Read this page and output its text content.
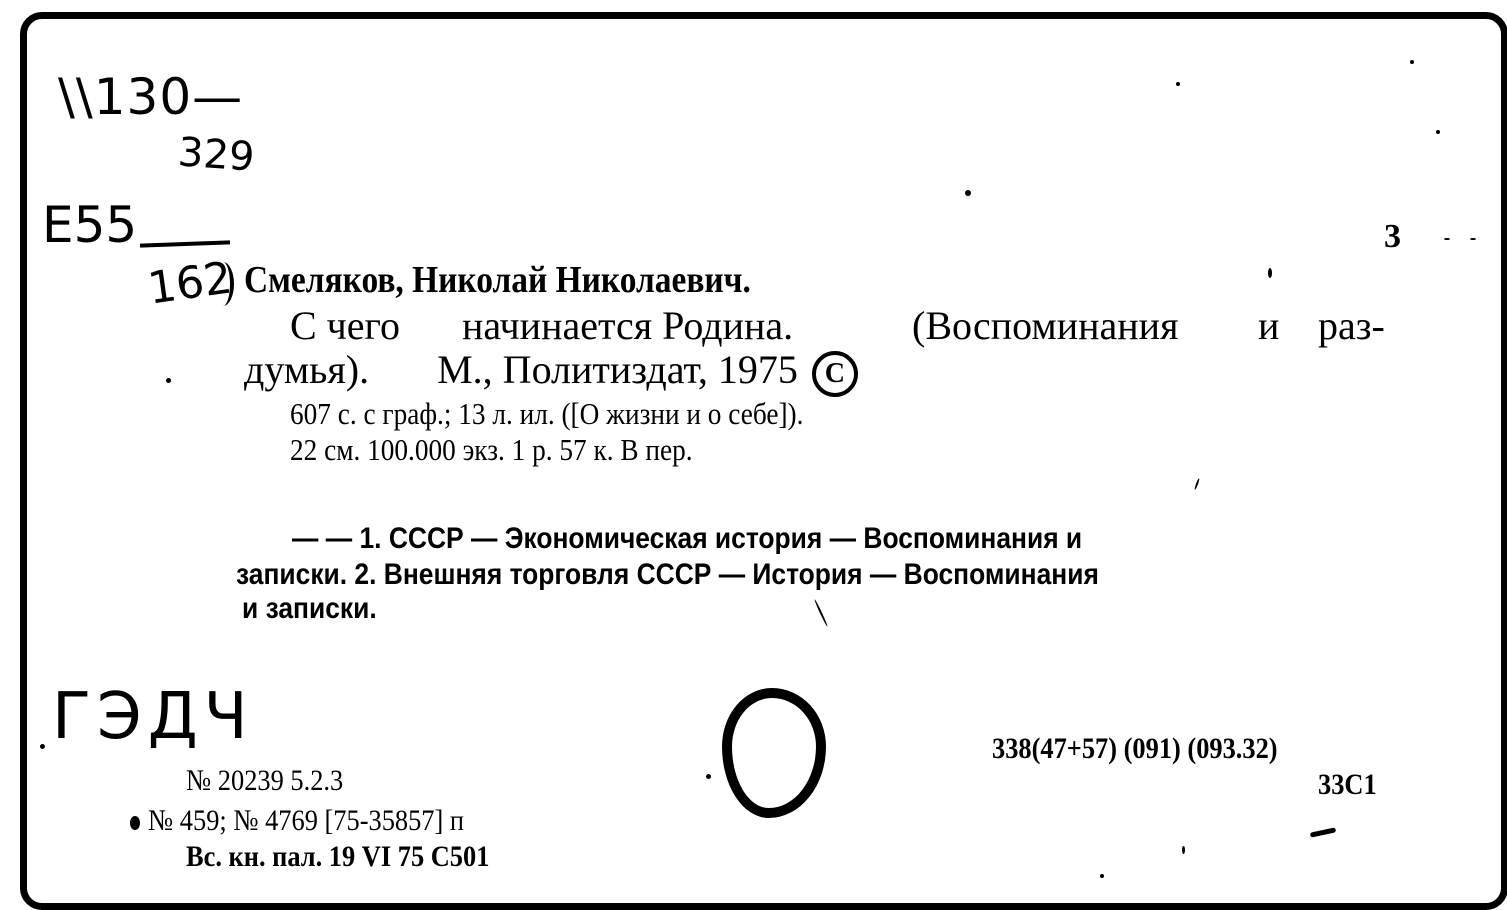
\\130—
329
Е55
162
ГЭДЧ
3
Смеляков, Николай Николаевич.
С чего начинается Родина.	(Воспоминания и раз-
думья). М., Политиздат, 1975 C
607 с. с граф.; 13 л. ил. ([О жизни и о себе]).
22 см. 100.000 экз. 1 р. 57 к. В пер.
— — 1. СССР — Экономическая история — Воспоминания и
записки. 2. Внешняя торговля СССР — История — Воспоминания
и записки.
№ 20239 5.2.3
№ 459; № 4769 [75-35857] п
Вс. кн. пал. 19 VI 75 С501
338(47+57) (091) (093.32)
33С1
